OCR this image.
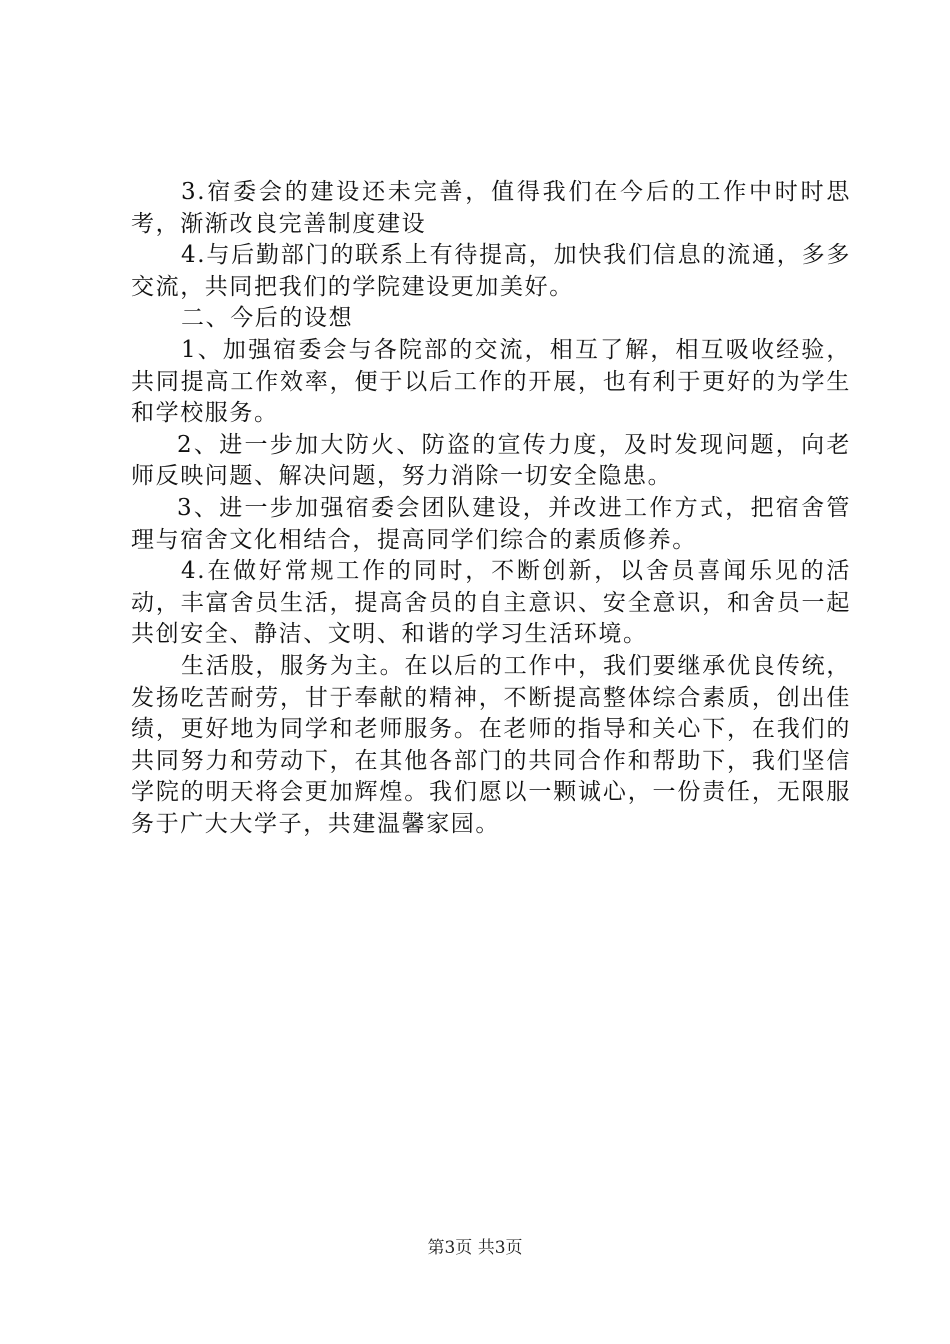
3.宿委会的建设还未完善，值得我们在今后的工作中时时思考，渐渐改良完善制度建设

4.与后勤部门的联系上有待提高，加快我们信息的流通，多多交流，共同把我们的学院建设更加美好。

二、今后的设想

1、加强宿委会与各院部的交流，相互了解，相互吸收经验，共同提高工作效率，便于以后工作的开展，也有利于更好的为学生和学校服务。

2、进一步加大防火、防盗的宣传力度，及时发现问题，向老师反映问题、解决问题，努力消除一切安全隐患。

3、进一步加强宿委会团队建设，并改进工作方式，把宿舍管理与宿舍文化相结合，提高同学们综合的素质修养。

4.在做好常规工作的同时，不断创新，以舍员喜闻乐见的活动，丰富舍员生活，提高舍员的自主意识、安全意识，和舍员一起共创安全、静洁、文明、和谐的学习生活环境。

生活股，服务为主。在以后的工作中，我们要继承优良传统，发扬吃苦耐劳，甘于奉献的精神，不断提高整体综合素质，创出佳绩，更好地为同学和老师服务。在老师的指导和关心下，在我们的共同努力和劳动下，在其他各部门的共同合作和帮助下，我们坚信学院的明天将会更加辉煌。我们愿以一颗诚心，一份责任，无限服务于广大大学子，共建温馨家园。

第3页 共3页
